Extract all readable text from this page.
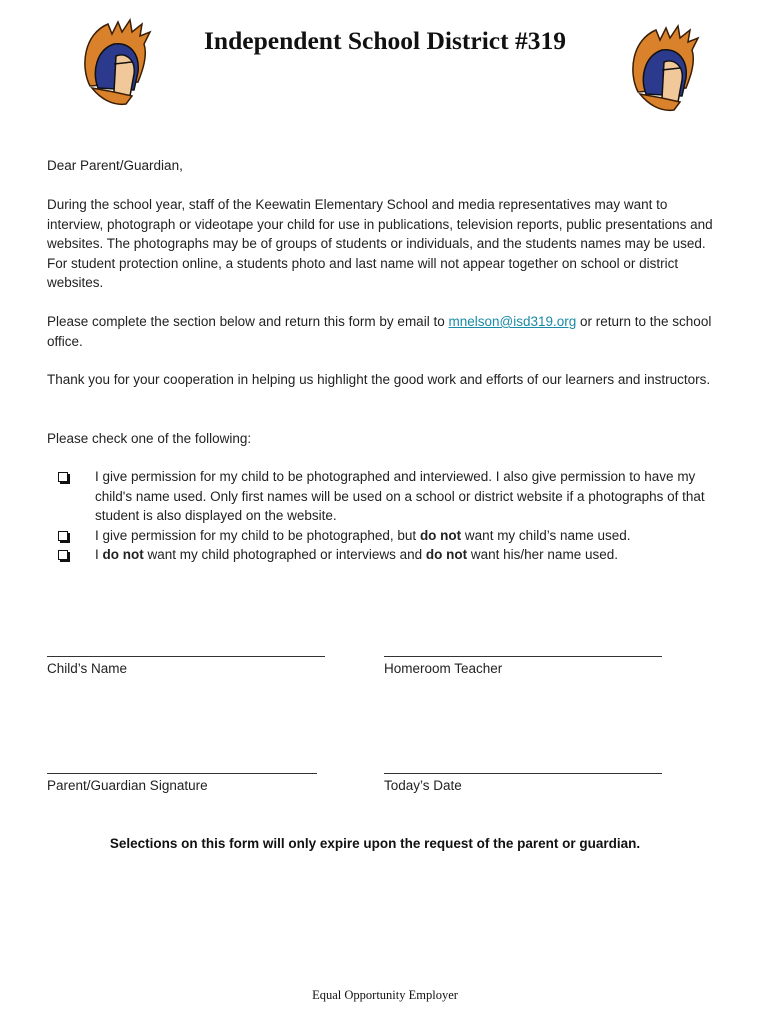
Independent School District #319

Dear Parent/Guardian,

During the school year, staff of the Keewatin Elementary School and media representatives may want to interview, photograph or videotape your child for use in publications, television reports, public presentations and websites. The photographs may be of groups of students or individuals, and the students names may be used. For student protection online, a students photo and last name will not appear together on school or district websites.

Please complete the section below and return this form by email to mnelson@isd319.org or return to the school office.

Thank you for your cooperation in helping us highlight the good work and efforts of our learners and instructors.

Please check one of the following:

I give permission for my child to be photographed and interviewed. I also give permission to have my child's name used. Only first names will be used on a school or district website if a photographs of that student is also displayed on the website.
I give permission for my child to be photographed, but do not want my child’s name used.
I do not want my child photographed or interviews and do not want his/her name used.
Child’s Name	Homeroom Teacher
Parent/Guardian Signature	Today’s Date
Selections on this form will only expire upon the request of the parent or guardian.
Equal Opportunity Employer
